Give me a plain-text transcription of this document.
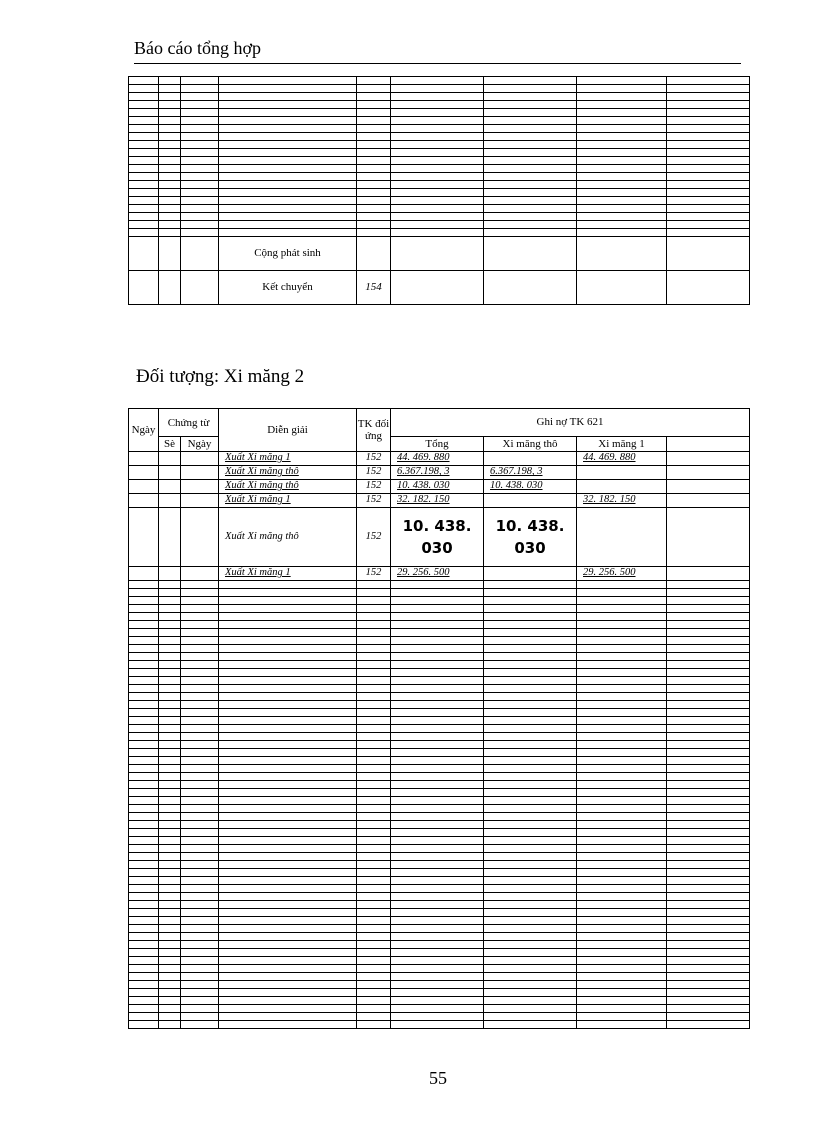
Báo cáo tổng hợp

			Cộng phát sinh					
			Kết chuyển	154				
Đối tượng: Xi măng 2
Ngày	Chứng từ		Diễn giải	TK đối ứng	Ghi nợ TK 621			
	Sè	Ngày			Tổng	Xi măng thô	Xi măng 1	
			Xuất Xi măng 1	152	44. 469. 880		44. 469. 880	
			Xuất Xi măng thô	152	6.367.198, 3	6.367.198, 3		
			Xuất Xi măng thô	152	10. 438. 030	10. 438. 030		
			Xuất Xi măng 1	152	32. 182. 150		32. 182. 150	
			Xuất Xi măng thô	152	10. 438. 030	10. 438. 030		
			Xuất Xi măng 1	152	29. 256. 500		29. 256. 500	

55
